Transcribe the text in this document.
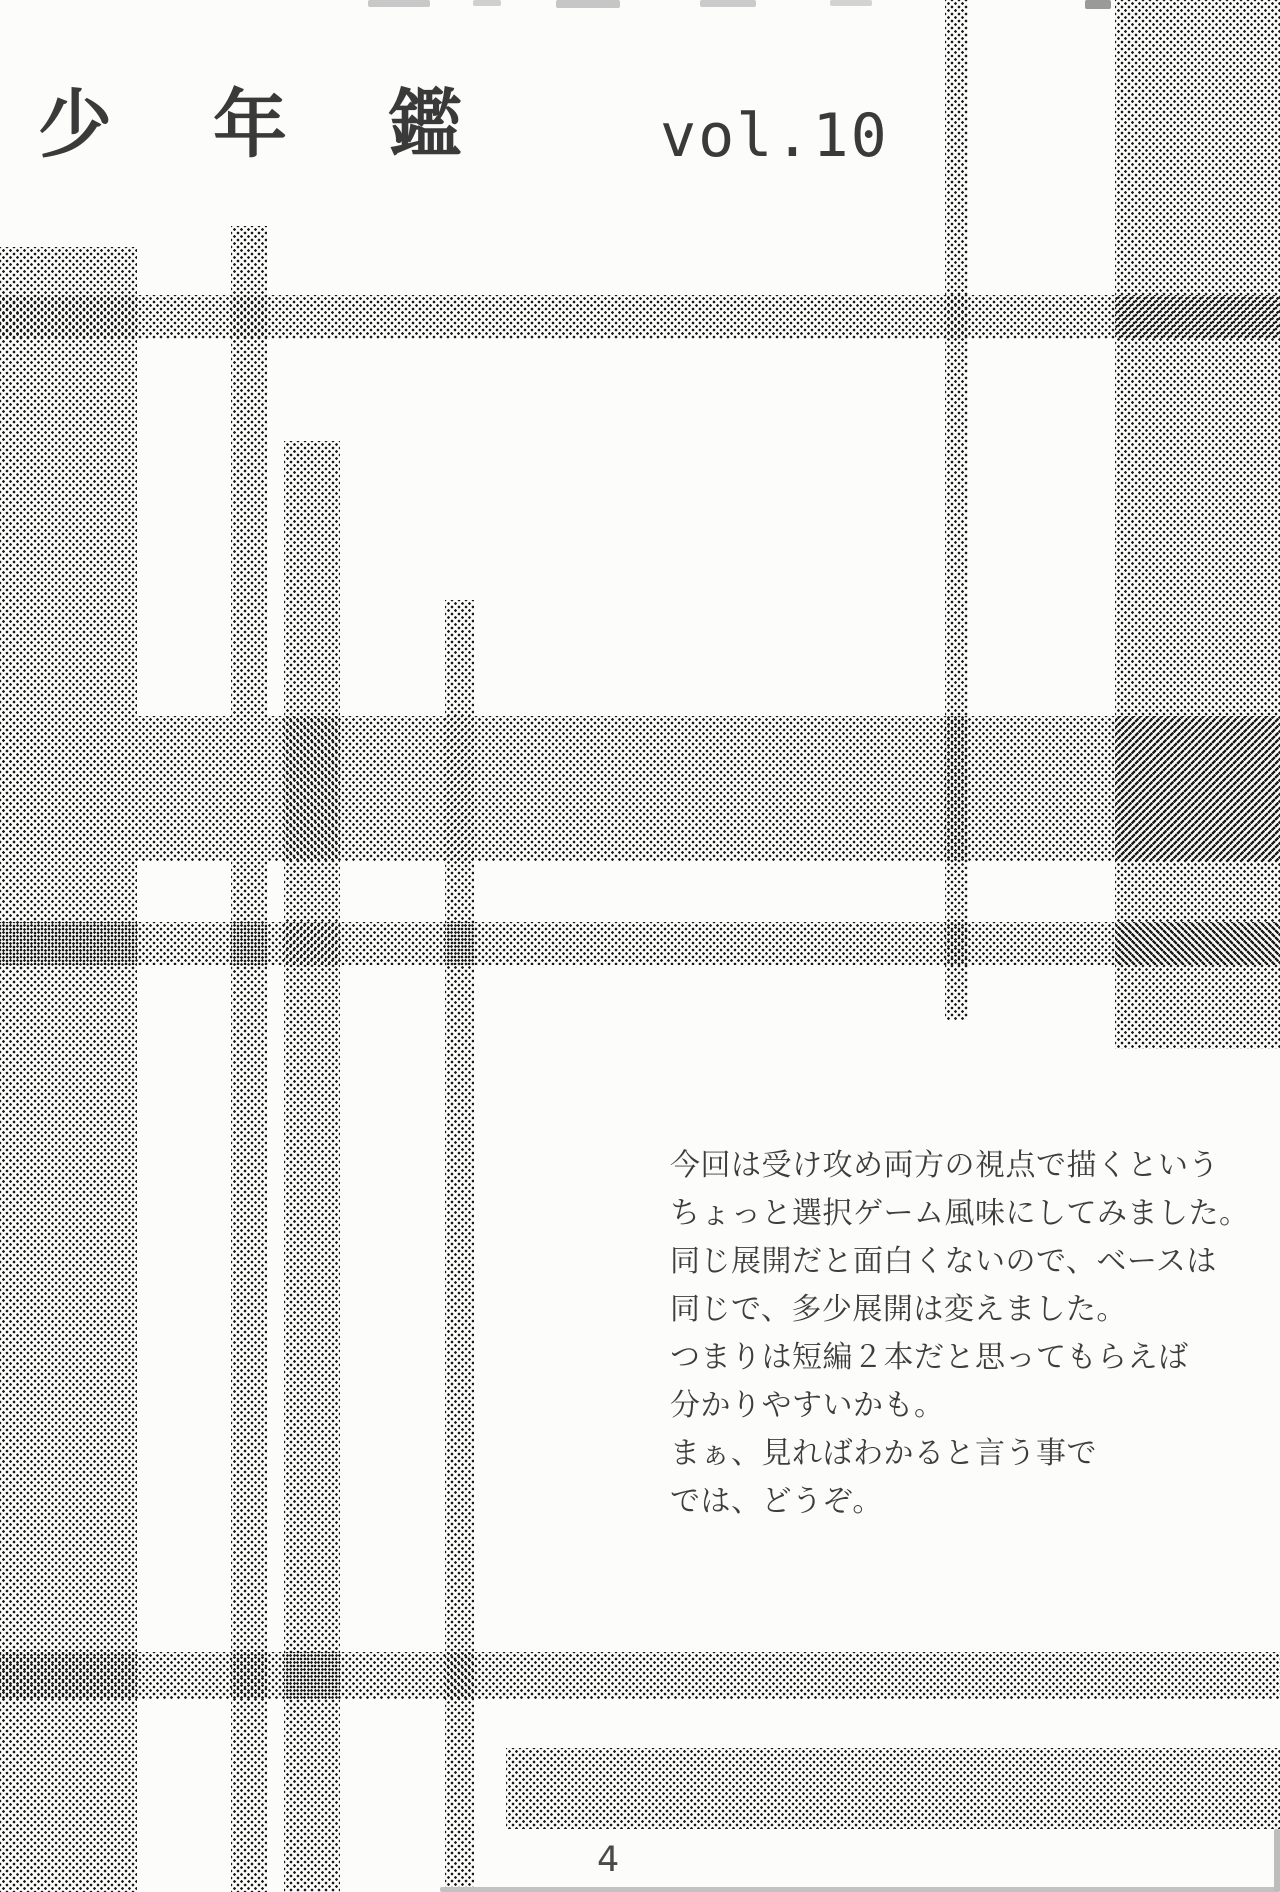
少年鑑 vol.10
今回は受け攻め両方の視点で描くという
ちょっと選択ゲーム風味にしてみました。
同じ展開だと面白くないので、ベースは
同じで、多少展開は変えました。
つまりは短編２本だと思ってもらえば
分かりやすいかも。
まぁ、見ればわかると言う事で
では、どうぞ。
4
